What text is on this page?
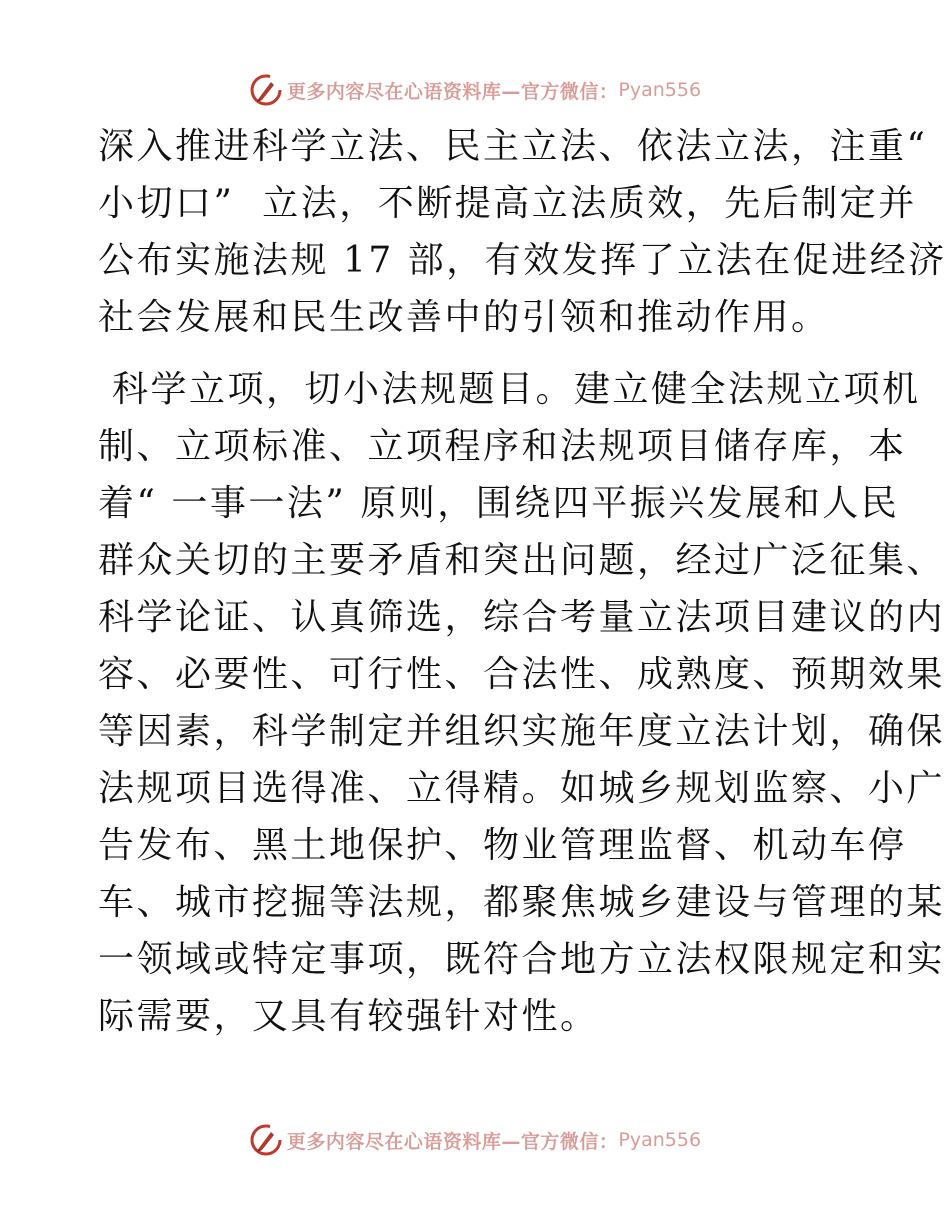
更多内容尽在心语资料库—官方微信： Pyan556

深入推进科学立法、民主立法、依法立法，注重“

小切口”  立法，不断提高立法质效，先后制定并

公布实施法规 17 部，有效发挥了立法在促进经济

社会发展和民生改善中的引领和推动作用。

科学立项，切小法规题目。建立健全法规立项机

制、立项标准、立项程序和法规项目储存库，本

着“ 一事一法” 原则，围绕四平振兴发展和人民

群众关切的主要矛盾和突出问题，经过广泛征集、

科学论证、认真筛选，综合考量立法项目建议的内

容、必要性、可行性、合法性、成熟度、预期效果

等因素，科学制定并组织实施年度立法计划，确保

法规项目选得准、立得精。如城乡规划监察、小广

告发布、黑土地保护、物业管理监督、机动车停

车、城市挖掘等法规，都聚焦城乡建设与管理的某

一领域或特定事项，既符合地方立法权限规定和实

际需要，又具有较强针对性。

更多内容尽在心语资料库—官方微信： Pyan556
